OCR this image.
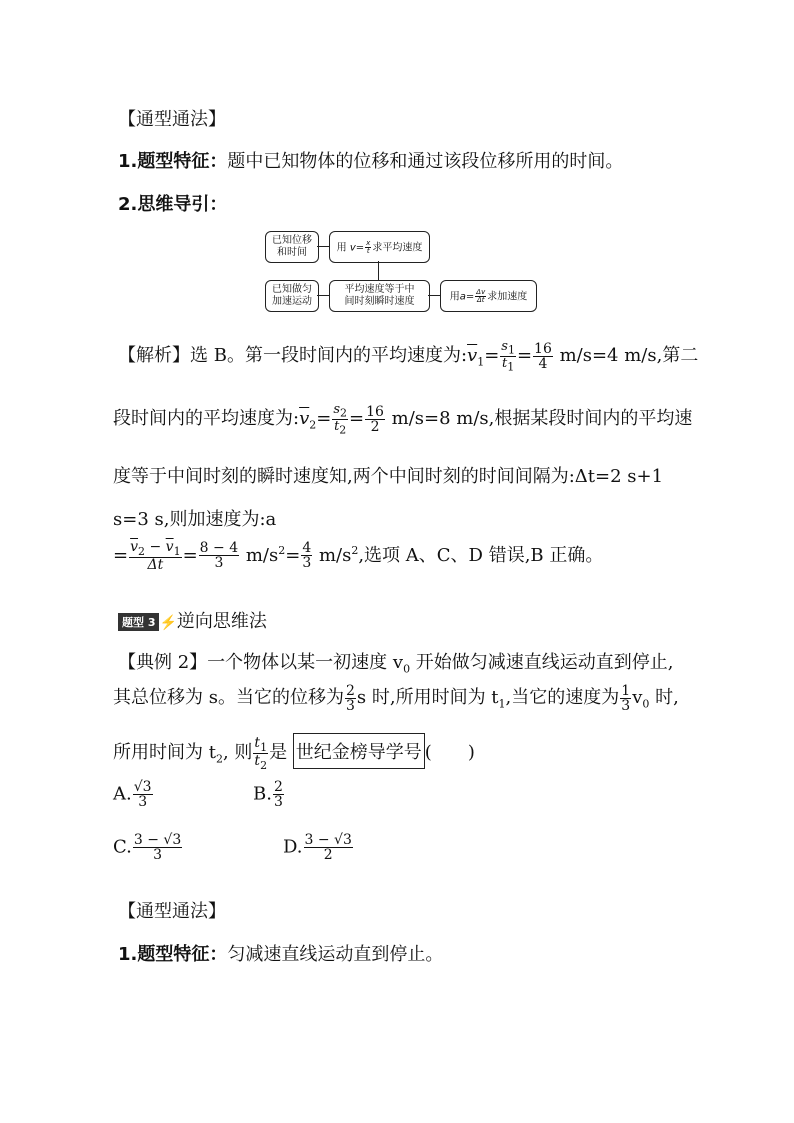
【通型通法】
1.题型特征：题中已知物体的位移和通过该段位移所用的时间。
2.思维导引：
已知位移
和时间	用 $v= \frac{x}{t}$ 求平均速度
已知做匀
加速运动
平均速度等于中
间时刻瞬时速度	用$a= \frac{\Delta v}{\Delta t}$ 求加速度
【解析】选 B。第一段时间内的平均速度为$:\overline{v}_1= \frac{s_1}{t_1} = \frac{16}{4} m/s=4$ m/s,第二
段时间内的平均速度为$:\overline{v}_2= \frac{s_2}{t_2} = \frac{16}{2} m/s=8$ m/s,根据某段时间内的平均速
度等于中间时刻的瞬时速度知,两个中间时刻的时间间隔为:Δt=2 s+1
s=3 s,则加速度为:a
= $\frac{\overline{v}_2 - \overline{v}_1}{\Delta t} = \frac{8 - 4}{3} m/s^2= \frac{4}{3} m/s^2$,选项 A、C、D 错误,B 正确。
题型 3 ⚡逆向思维法
【典例 2】一个物体以某一初速度 $v_0$ 开始做匀减速直线运动直到停止,
其总位移为 s。当它的位移为 $\frac{2}{3}$ s 时,所用时间为 $t_1$,当它的速度为 $\frac{1}{3} v_0$ 时,
所用时间为 $t_2$, 则 $\frac{t_1}{t_2}$ 是 世纪金榜导学号 (　　)
A. $\frac{√3}{3}$	B. $\frac{2}{3}$
C. $\frac{3 - √3}{3}$	D. $\frac{3 - √3}{2}$
【通型通法】
1.题型特征：匀减速直线运动直到停止。
